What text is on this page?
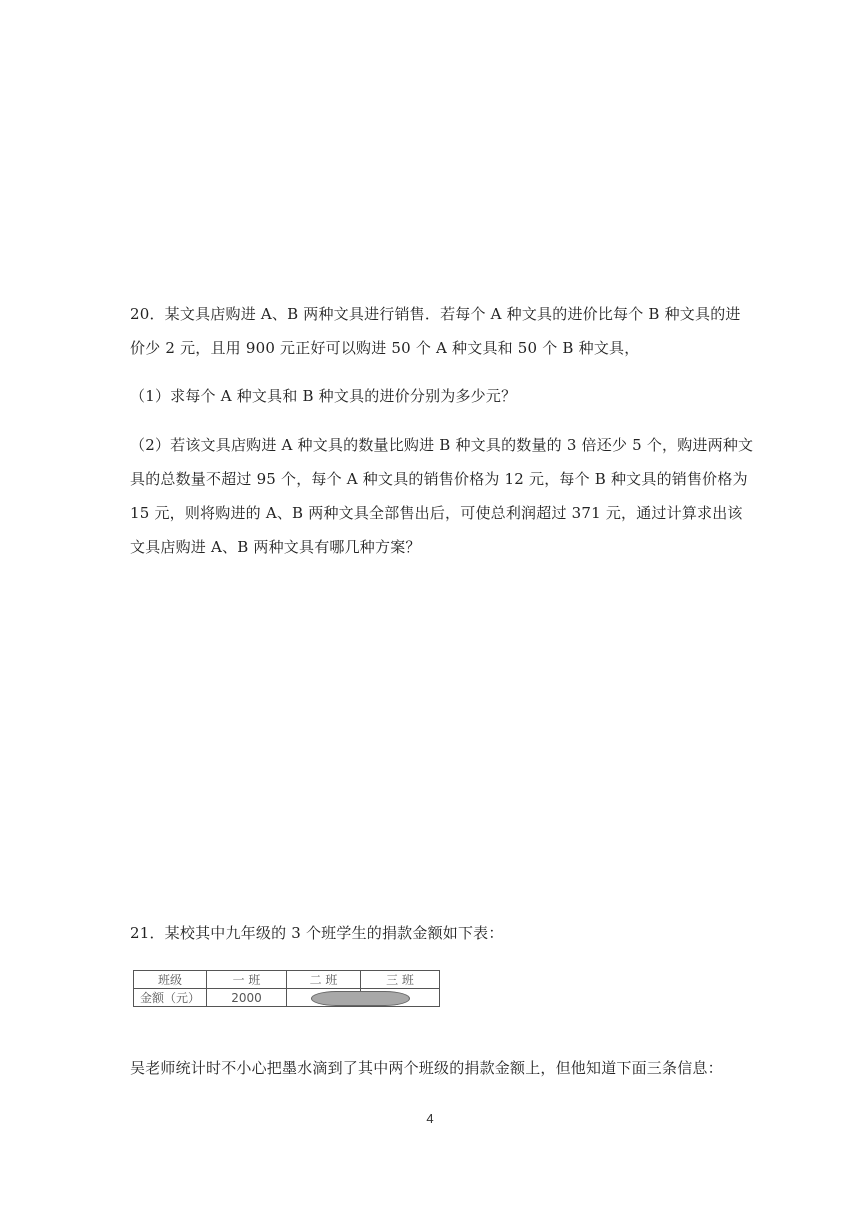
20．某文具店购进 A、B 两种文具进行销售．若每个 A 种文具的进价比每个 B 种文具的进
价少 2 元，且用 900 元正好可以购进 50 个 A 种文具和 50 个 B 种文具，
（1）求每个 A 种文具和 B 种文具的进价分别为多少元？
（2）若该文具店购进 A 种文具的数量比购进 B 种文具的数量的 3 倍还少 5 个，购进两种文
具的总数量不超过 95 个，每个 A 种文具的销售价格为 12 元，每个 B 种文具的销售价格为
15 元，则将购进的 A、B 两种文具全部售出后，可使总利润超过 371 元，通过计算求出该
文具店购进 A、B 两种文具有哪几种方案？
21．某校其中九年级的 3 个班学生的捐款金额如下表：
班级	一 班	二 班	三 班
金额（元）	2000	

吴老师统计时不小心把墨水滴到了其中两个班级的捐款金额上，但他知道下面三条信息：
4
